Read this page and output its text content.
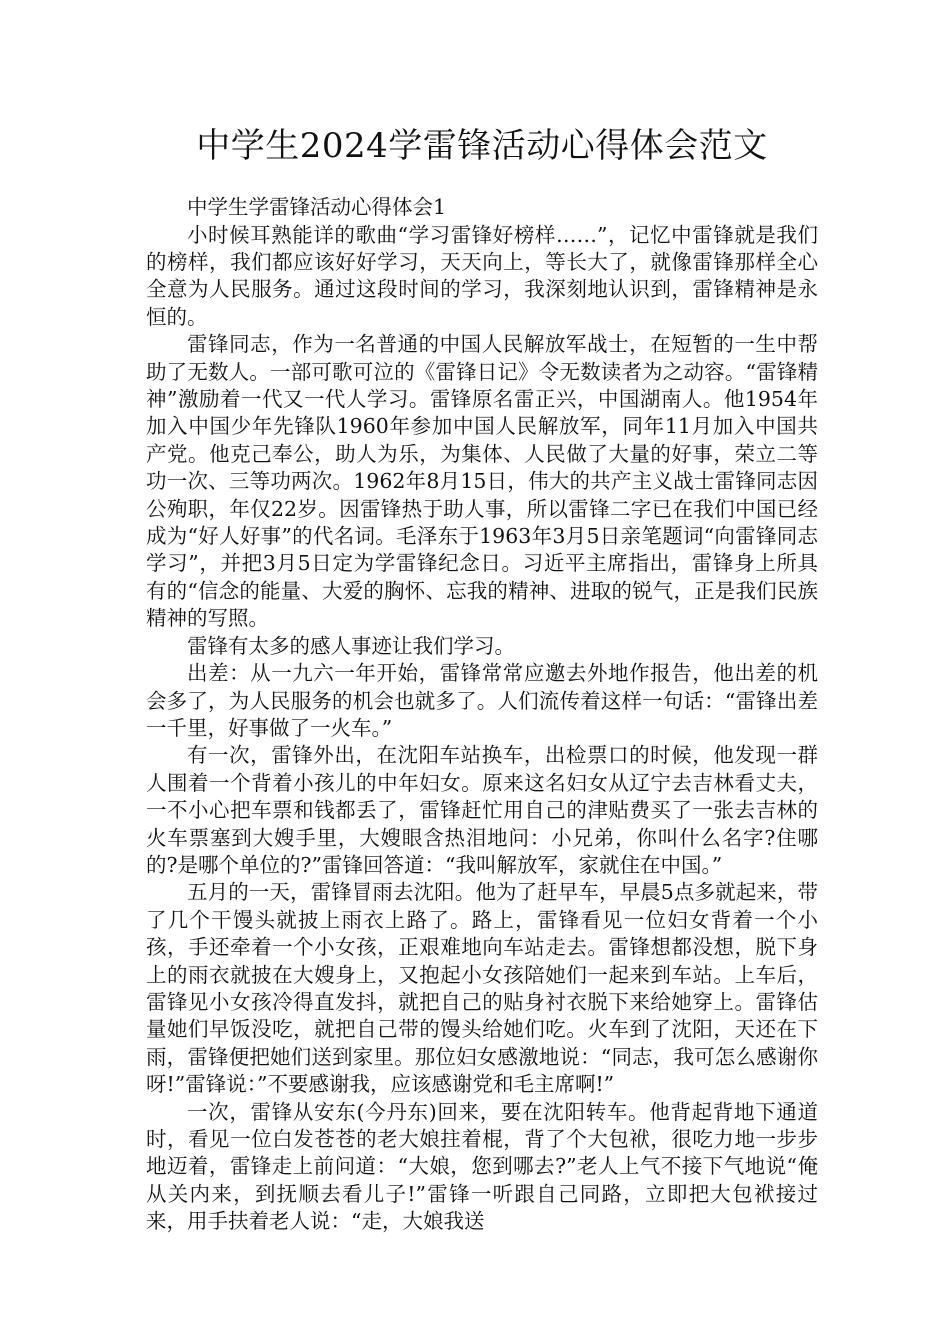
中学生2024学雷锋活动心得体会范文

中学生学雷锋活动心得体会1

小时候耳熟能详的歌曲“学习雷锋好榜样……”，记忆中雷锋就是我们的榜样，我们都应该好好学习，天天向上，等长大了，就像雷锋那样全心全意为人民服务。通过这段时间的学习，我深刻地认识到，雷锋精神是永恒的。

雷锋同志，作为一名普通的中国人民解放军战士，在短暂的一生中帮助了无数人。一部可歌可泣的《雷锋日记》令无数读者为之动容。“雷锋精神”激励着一代又一代人学习。雷锋原名雷正兴，中国湖南人。他1954年加入中国少年先锋队1960年参加中国人民解放军，同年11月加入中国共产党。他克己奉公，助人为乐，为集体、人民做了大量的好事，荣立二等功一次、三等功两次。1962年8月15日，伟大的共产主义战士雷锋同志因公殉职，年仅22岁。因雷锋热于助人事，所以雷锋二字已在我们中国已经成为“好人好事”的代名词。毛泽东于1963年3月5日亲笔题词“向雷锋同志学习”，并把3月5日定为学雷锋纪念日。习近平主席指出，雷锋身上所具有的“信念的能量、大爱的胸怀、忘我的精神、进取的锐气，正是我们民族精神的写照。

雷锋有太多的感人事迹让我们学习。

出差：从一九六一年开始，雷锋常常应邀去外地作报告，他出差的机会多了，为人民服务的机会也就多了。人们流传着这样一句话：“雷锋出差一千里，好事做了一火车。”

有一次，雷锋外出，在沈阳车站换车，出检票口的时候，他发现一群人围着一个背着小孩儿的中年妇女。原来这名妇女从辽宁去吉林看丈夫，一不小心把车票和钱都丢了，雷锋赶忙用自己的津贴费买了一张去吉林的火车票塞到大嫂手里，大嫂眼含热泪地问：小兄弟，你叫什么名字?住哪的?是哪个单位的?”雷锋回答道：“我叫解放军，家就住在中国。”

五月的一天，雷锋冒雨去沈阳。他为了赶早车，早晨5点多就起来，带了几个干馒头就披上雨衣上路了。路上，雷锋看见一位妇女背着一个小孩，手还牵着一个小女孩，正艰难地向车站走去。雷锋想都没想，脱下身上的雨衣就披在大嫂身上，又抱起小女孩陪她们一起来到车站。上车后，雷锋见小女孩冷得直发抖，就把自己的贴身衬衣脱下来给她穿上。雷锋估量她们早饭没吃，就把自己带的馒头给她们吃。火车到了沈阳，天还在下雨，雷锋便把她们送到家里。那位妇女感激地说：“同志，我可怎么感谢你呀!”雷锋说：”不要感谢我，应该感谢党和毛主席啊!”

一次，雷锋从安东(今丹东)回来，要在沈阳转车。他背起背地下通道时，看见一位白发苍苍的老大娘拄着棍，背了个大包袱，很吃力地一步步地迈着，雷锋走上前问道：“大娘，您到哪去?”老人上气不接下气地说“俺从关内来，到抚顺去看儿子!”雷锋一听跟自己同路，立即把大包袱接过来，用手扶着老人说：“走，大娘我送
